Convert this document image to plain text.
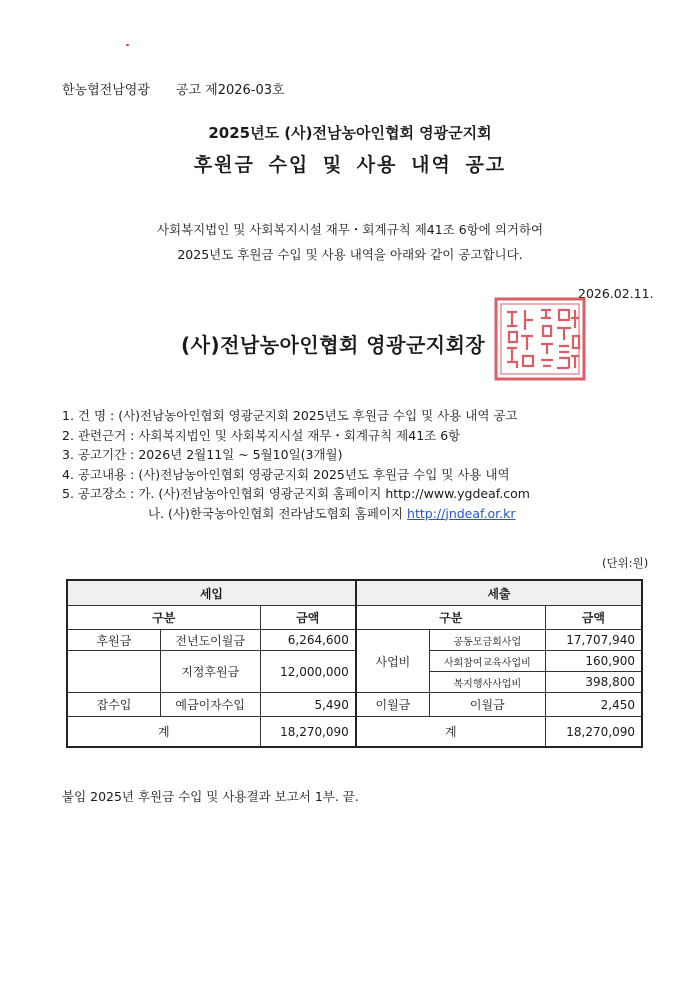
한농협전남영광 공고 제2026-03호
2025년도 (사)전남농아인협회 영광군지회
후원금 수입 및 사용 내역 공고
사회복지법인 및 사회복지시설 재무・회계규칙 제41조 6항에 의거하여
2025년도 후원금 수입 및 사용 내역을 아래와 같이 공고합니다.
2026.02.11.
(사)전남농아인협회 영광군지회장
1. 건 명 : (사)전남농아인협회 영광군지회 2025년도 후원금 수입 및 사용 내역 공고
2. 관련근거 : 사회복지법인 및 사회복지시설 재무・회계규칙 제41조 6항
3. 공고기간 : 2026년 2월11일 ~ 5월10일(3개월)
4. 공고내용 : (사)전남농아인협회 영광군지회 2025년도 후원금 수입 및 사용 내역
5. 공고장소 : 가. (사)전남농아인협회 영광군지회 홈페이지 http://www.ygdeaf.com
나. (사)한국농아인협회 전라남도협회 홈페이지 http://jndeaf.or.kr
(단위:원)
세입			세출		
구분		금액	구분		금액
후원금	전년도이월금	6,264,600	사업비	공동모금회사업	17,707,940
	지정후원금	12,000,000		사회참여교육사업비	160,900
				복지행사사업비	398,800
잡수입	예금이자수입	5,490	이월금	이월금	2,450
계		18,270,090	계		18,270,090
붙임 2025년 후원금 수입 및 사용결과 보고서 1부. 끝.
